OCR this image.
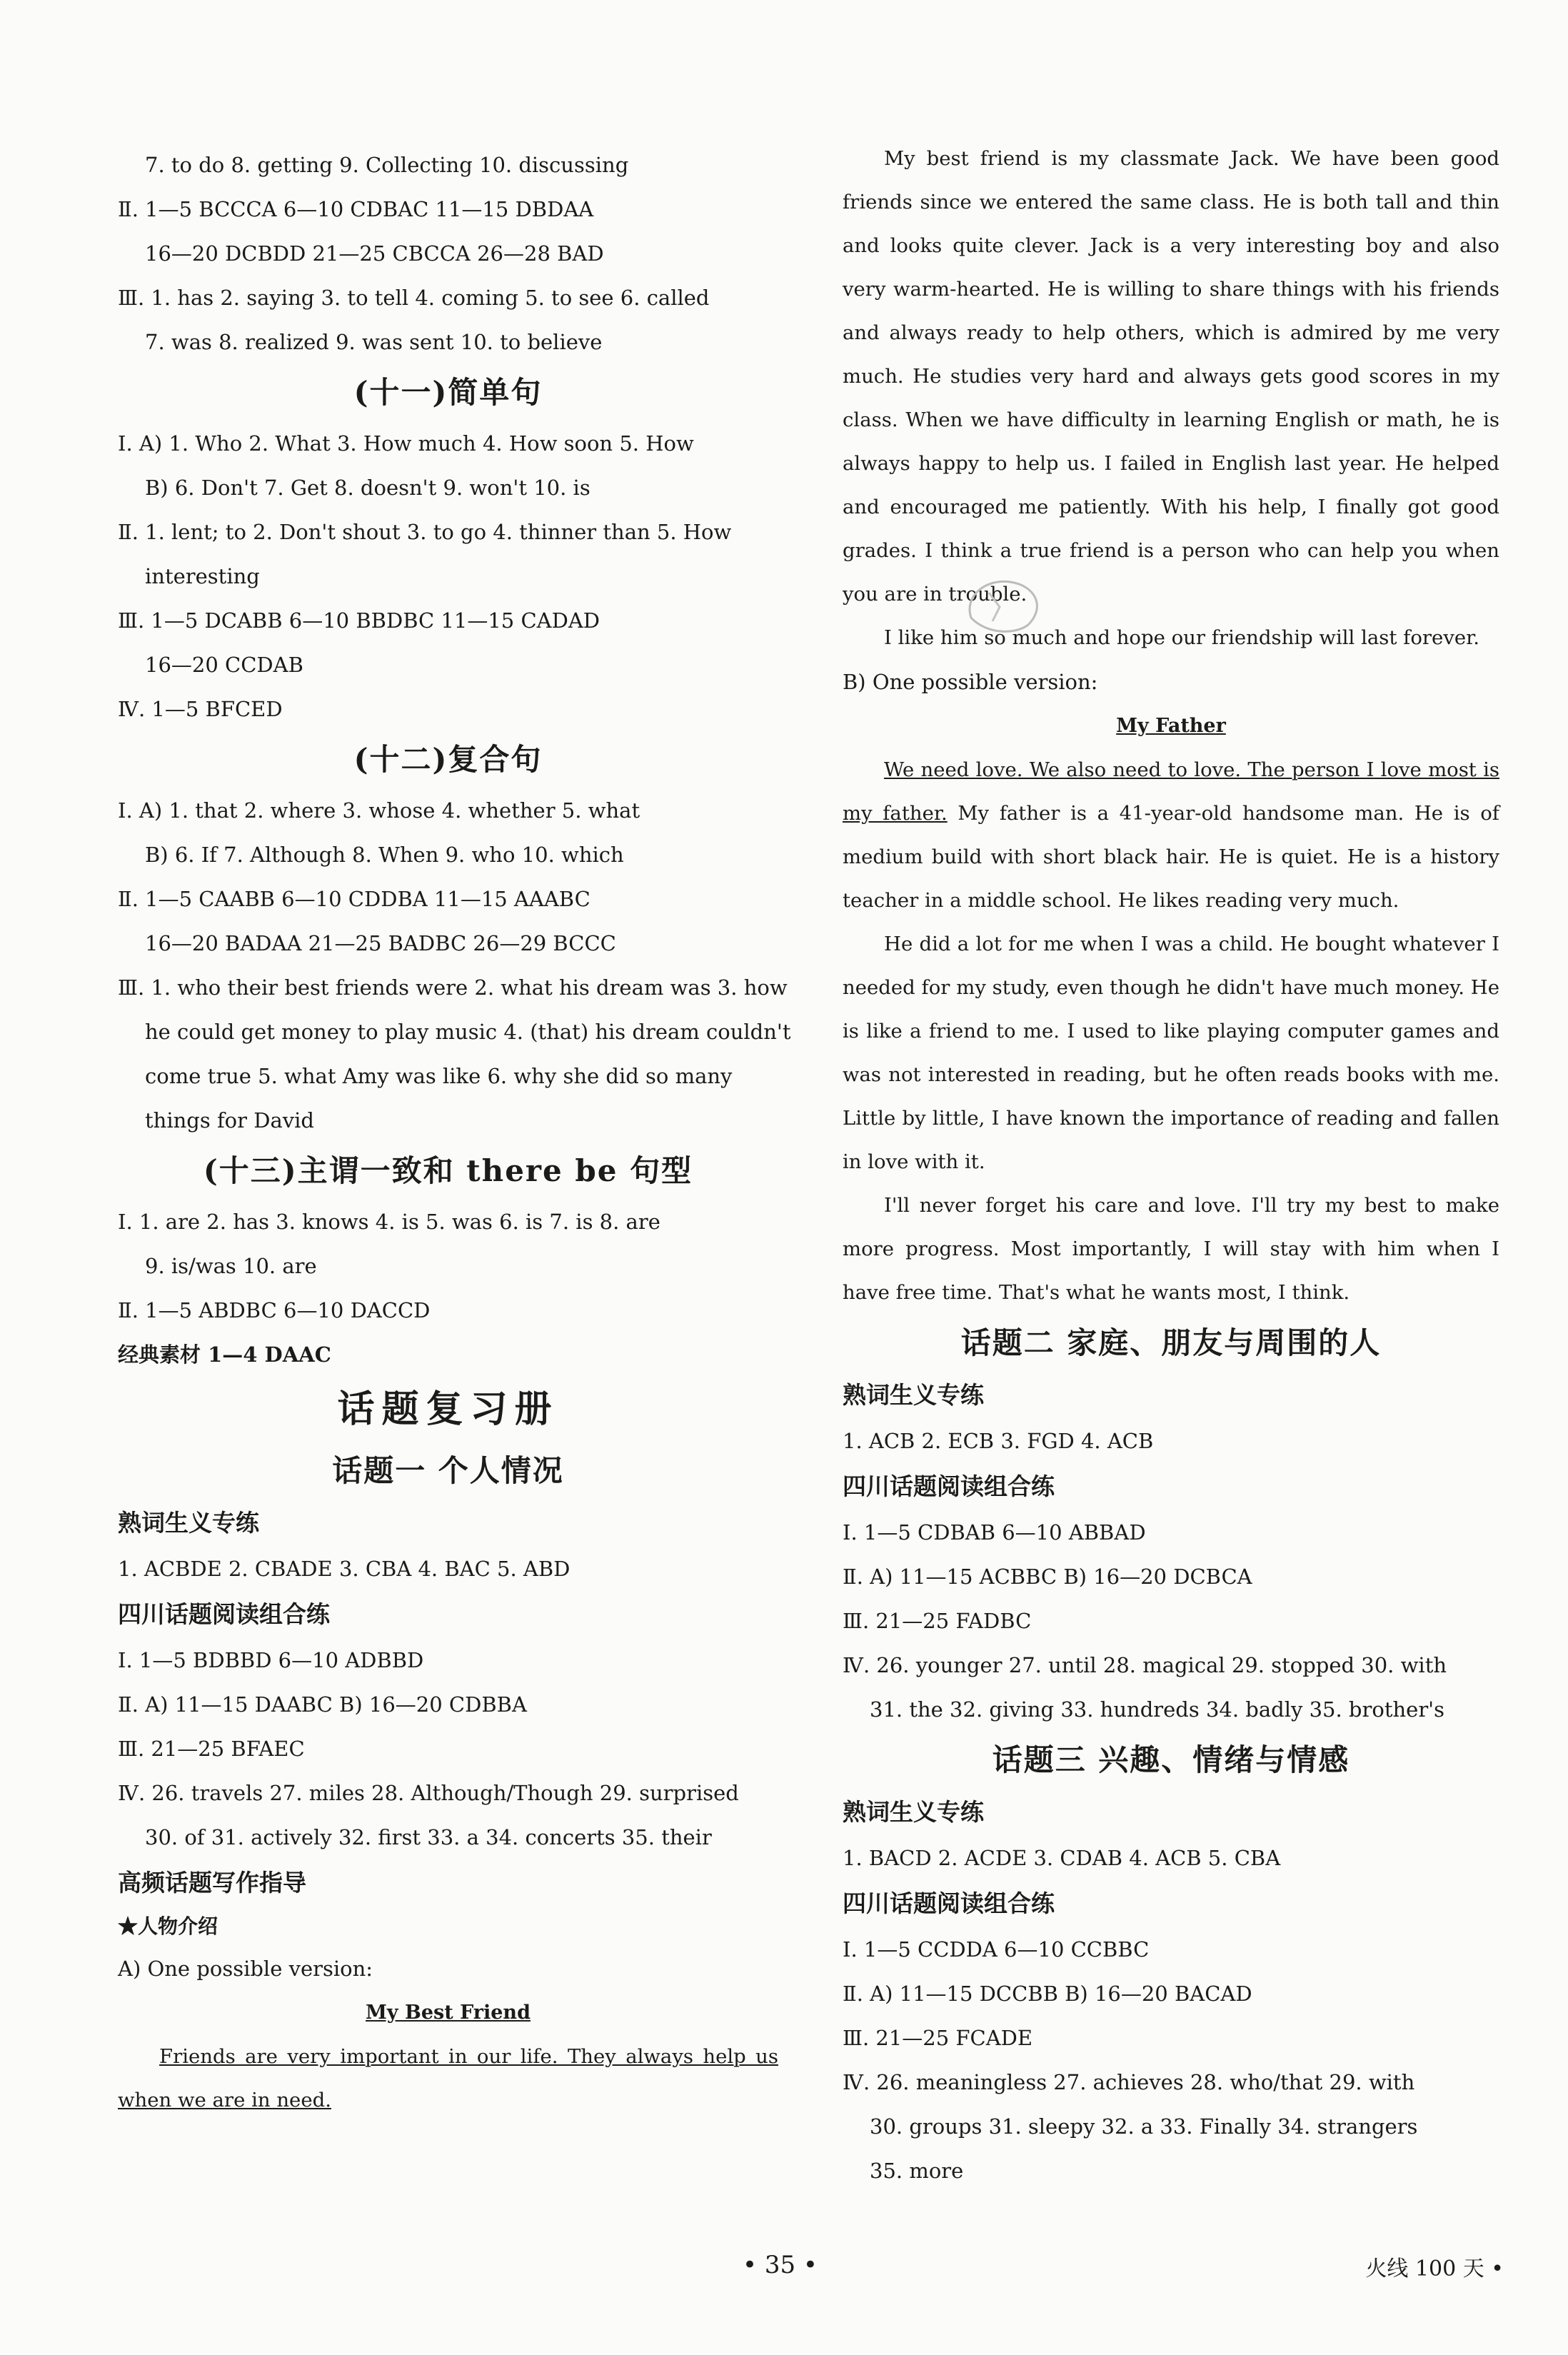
7. to do 8. getting 9. Collecting 10. discussing
Ⅱ. 1—5 BCCCA 6—10 CDBAC 11—15 DBDAA
16—20 DCBDD 21—25 CBCCA 26—28 BAD
Ⅲ. 1. has 2. saying 3. to tell 4. coming 5. to see 6. called
7. was 8. realized 9. was sent 10. to believe
(十一)简单句
Ⅰ. A) 1. Who 2. What 3. How much 4. How soon 5. How
B) 6. Don't 7. Get 8. doesn't 9. won't 10. is
Ⅱ. 1. lent; to 2. Don't shout 3. to go 4. thinner than 5. How
interesting
Ⅲ. 1—5 DCABB 6—10 BBDBC 11—15 CADAD
16—20 CCDAB
Ⅳ. 1—5 BFCED
(十二)复合句
Ⅰ. A) 1. that 2. where 3. whose 4. whether 5. what
B) 6. If 7. Although 8. When 9. who 10. which
Ⅱ. 1—5 CAABB 6—10 CDDBA 11—15 AAABC
16—20 BADAA 21—25 BADBC 26—29 BCCC
Ⅲ. 1. who their best friends were 2. what his dream was 3. how
he could get money to play music 4. (that) his dream couldn't
come true 5. what Amy was like 6. why she did so many
things for David
(十三)主谓一致和 there be 句型
Ⅰ. 1. are 2. has 3. knows 4. is 5. was 6. is 7. is 8. are
9. is/was 10. are
Ⅱ. 1—5 ABDBC 6—10 DACCD
经典素材 1—4 DAAC
话题复习册
话题一 个人情况
熟词生义专练
1. ACBDE 2. CBADE 3. CBA 4. BAC 5. ABD
四川话题阅读组合练
Ⅰ. 1—5 BDBBD 6—10 ADBBD
Ⅱ. A) 11—15 DAABC B) 16—20 CDBBA
Ⅲ. 21—25 BFAEC
Ⅳ. 26. travels 27. miles 28. Although/Though 29. surprised
30. of 31. actively 32. first 33. a 34. concerts 35. their
高频话题写作指导
★人物介绍
A) One possible version:
My Best Friend

Friends are very important in our life. They always help us when we are in need.

My best friend is my classmate Jack. We have been good friends since we entered the same class. He is both tall and thin and looks quite clever. Jack is a very interesting boy and also very warm-hearted. He is willing to share things with his friends and always ready to help others, which is admired by me very much. He studies very hard and always gets good scores in my class. When we have difficulty in learning English or math, he is always happy to help us. I failed in English last year. He helped and encouraged me patiently. With his help, I finally got good grades. I think a true friend is a person who can help you when you are in trouble.

I like him so much and hope our friendship will last forever.

B) One possible version:
My Father

We need love. We also need to love. The person I love most is my father. My father is a 41-year-old handsome man. He is of medium build with short black hair. He is quiet. He is a history teacher in a middle school. He likes reading very much.

He did a lot for me when I was a child. He bought whatever I needed for my study, even though he didn't have much money. He is like a friend to me. I used to like playing computer games and was not interested in reading, but he often reads books with me. Little by little, I have known the importance of reading and fallen in love with it.

I'll never forget his care and love. I'll try my best to make more progress. Most importantly, I will stay with him when I have free time. That's what he wants most, I think.

话题二 家庭、朋友与周围的人
熟词生义专练
1. ACB 2. ECB 3. FGD 4. ACB
四川话题阅读组合练
Ⅰ. 1—5 CDBAB 6—10 ABBAD
Ⅱ. A) 11—15 ACBBC B) 16—20 DCBCA
Ⅲ. 21—25 FADBC
Ⅳ. 26. younger 27. until 28. magical 29. stopped 30. with
31. the 32. giving 33. hundreds 34. badly 35. brother's
话题三 兴趣、情绪与情感
熟词生义专练
1. BACD 2. ACDE 3. CDAB 4. ACB 5. CBA
四川话题阅读组合练
Ⅰ. 1—5 CCDDA 6—10 CCBBC
Ⅱ. A) 11—15 DCCBB B) 16—20 BACAD
Ⅲ. 21—25 FCADE
Ⅳ. 26. meaningless 27. achieves 28. who/that 29. with
30. groups 31. sleepy 32. a 33. Finally 34. strangers
35. more
• 35 •	火线 100 天 •
